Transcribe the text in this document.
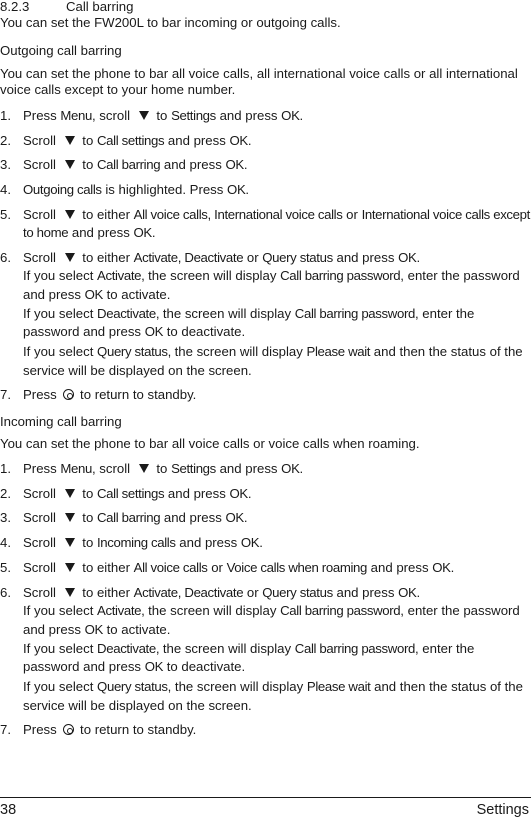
8.2.3	Call barring
You can set the FW200L to bar incoming or outgoing calls.
Outgoing call barring
You can set the phone to bar all voice calls, all international voice calls or all international
voice calls except to your home number.
1. Press Menu, scroll  to Settings and press OK.
2. Scroll  to Call settings and press OK.
3. Scroll  to Call barring and press OK.
4. Outgoing calls is highlighted. Press OK.
5. Scroll  to either All voice calls, International voice calls or International voice calls except
to home and press OK.
6. Scroll  to either Activate, Deactivate or Query status and press OK.
If you select Activate, the screen will display Call barring password, enter the password
and press OK to activate.
If you select Deactivate, the screen will display Call barring password, enter the
password and press OK to deactivate.
If you select Query status, the screen will display Please wait and then the status of the
service will be displayed on the screen.
7. Press  to return to standby.
Incoming call barring
You can set the phone to bar all voice calls or voice calls when roaming.
1. Press Menu, scroll  to Settings and press OK.
2. Scroll  to Call settings and press OK.
3. Scroll  to Call barring and press OK.
4. Scroll  to Incoming calls and press OK.
5. Scroll  to either All voice calls or Voice calls when roaming and press OK.
6. Scroll  to either Activate, Deactivate or Query status and press OK.
If you select Activate, the screen will display Call barring password, enter the password
and press OK to activate.
If you select Deactivate, the screen will display Call barring password, enter the
password and press OK to deactivate.
If you select Query status, the screen will display Please wait and then the status of the
service will be displayed on the screen.
7. Press  to return to standby.
38	Settings
